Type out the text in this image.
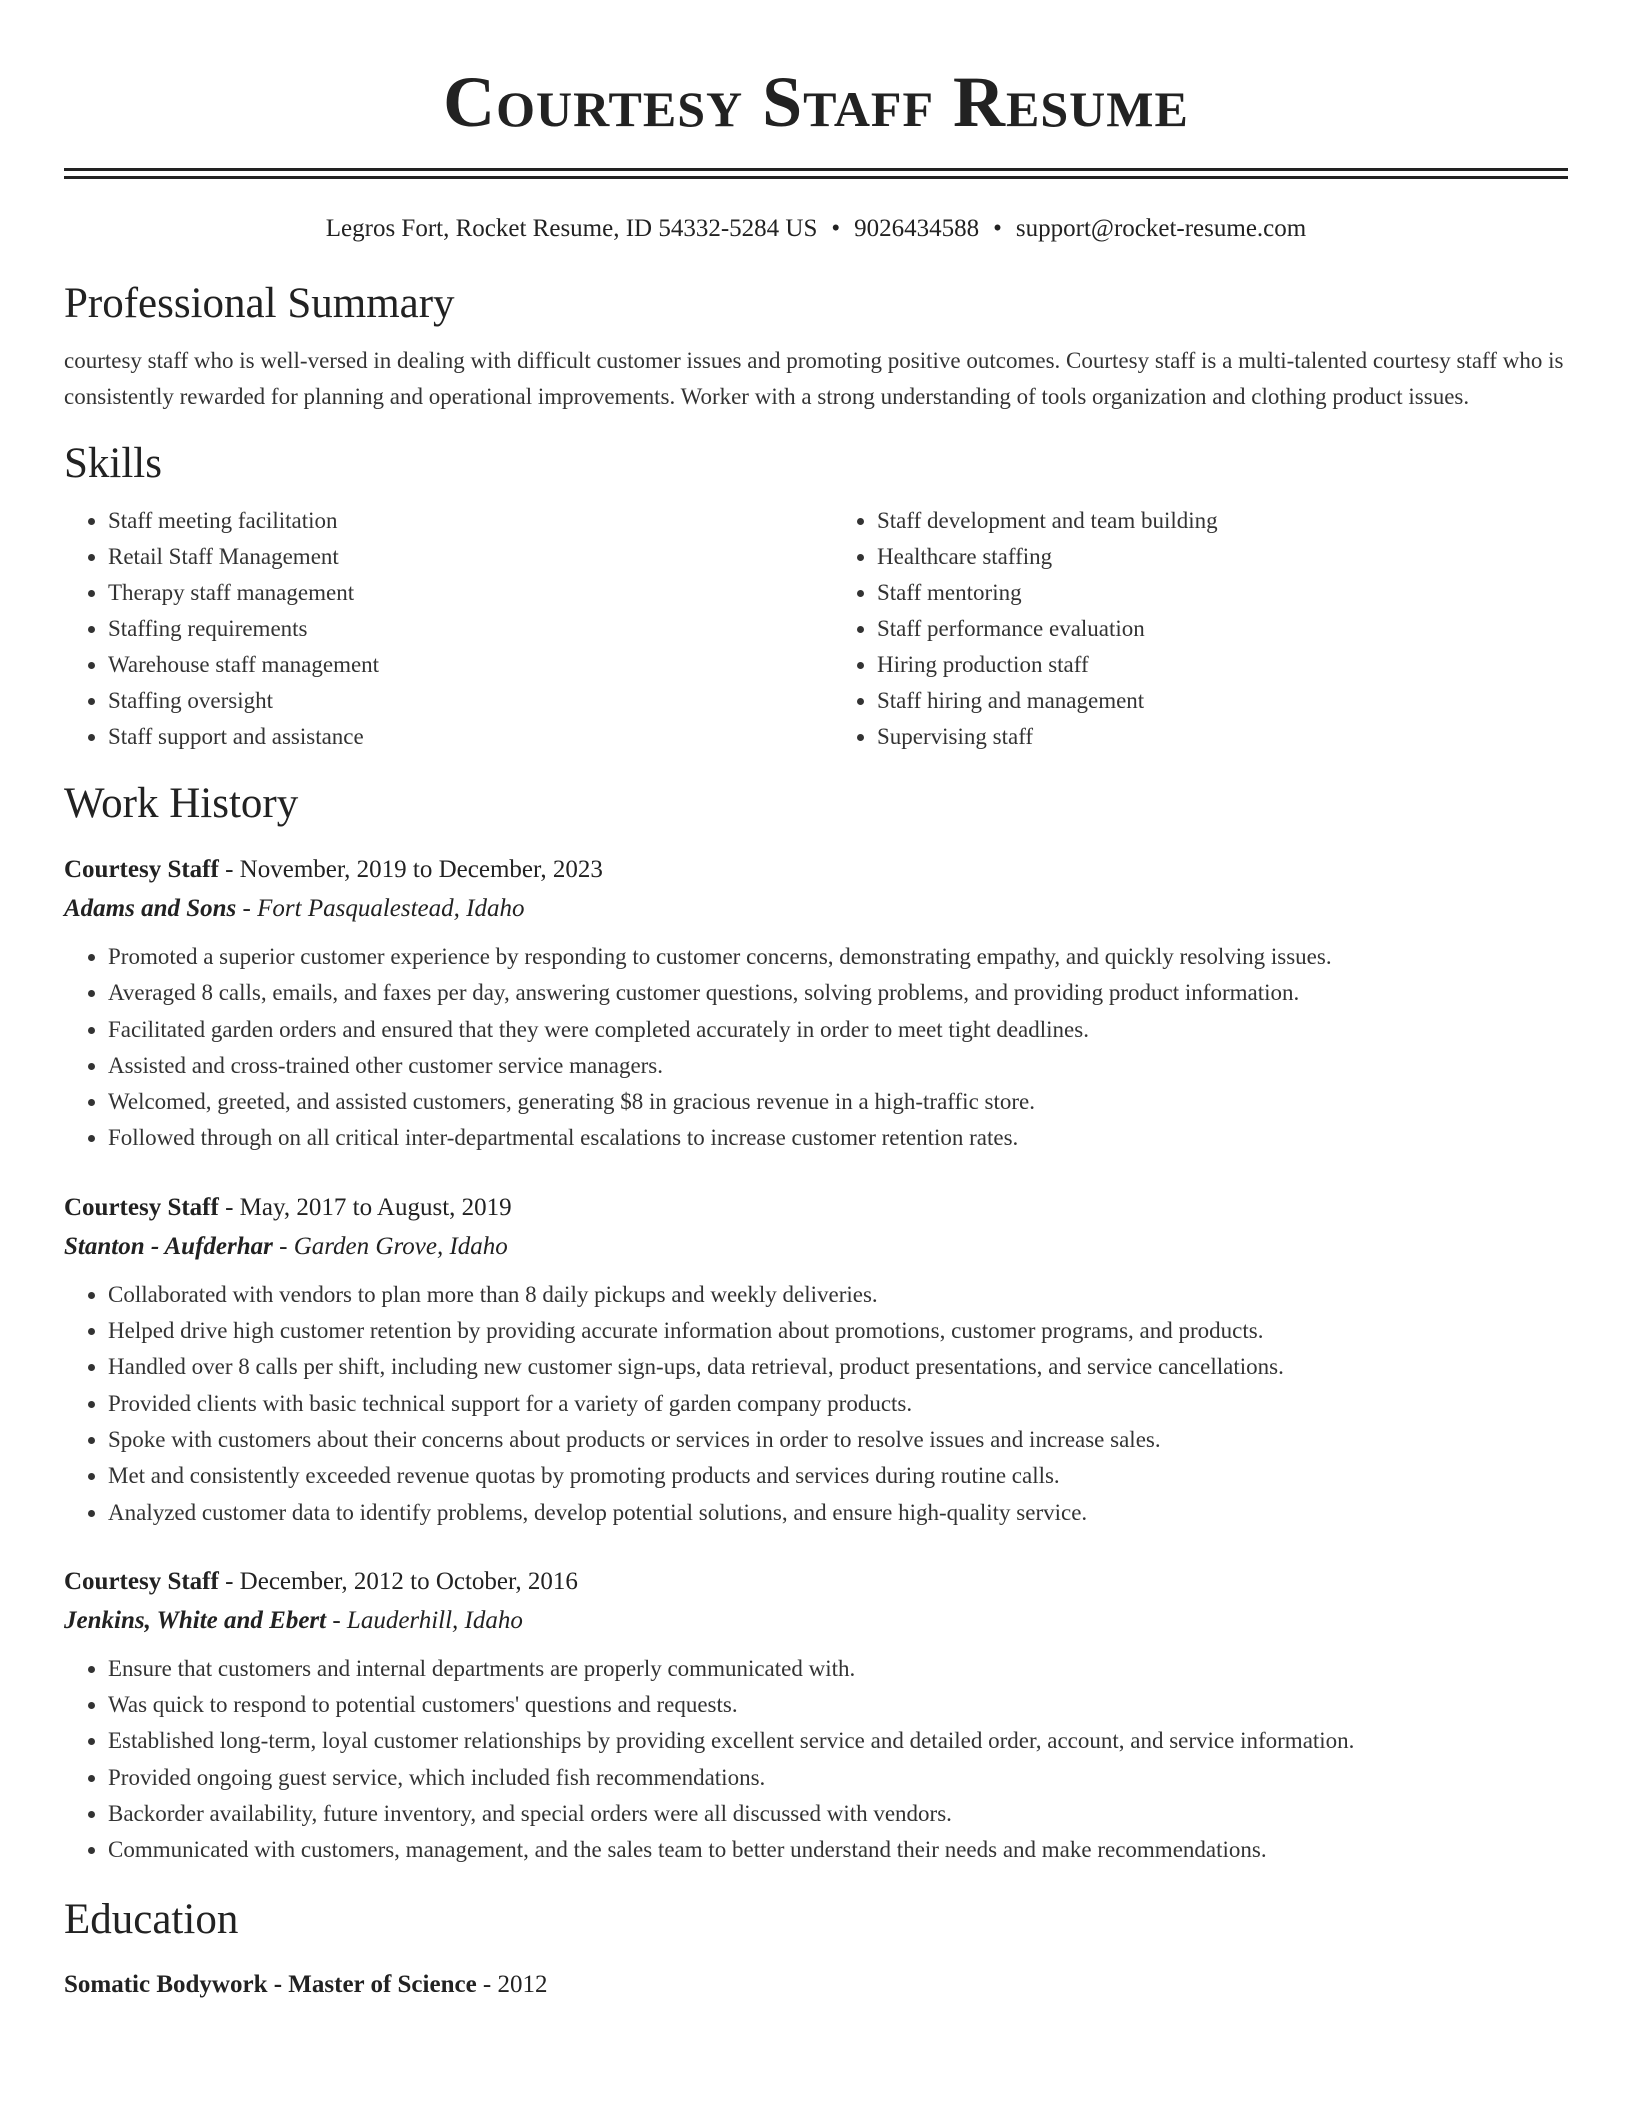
Courtesy Staff Resume
Legros Fort, Rocket Resume, ID 54332-5284 US • 9026434588 • support@rocket-resume.com
Professional Summary
courtesy staff who is well-versed in dealing with difficult customer issues and promoting positive outcomes. Courtesy staff is a multi-talented courtesy staff who is consistently rewarded for planning and operational improvements. Worker with a strong understanding of tools organization and clothing product issues.
Skills
• Staff meeting facilitation
• Retail Staff Management
• Therapy staff management
• Staffing requirements
• Warehouse staff management
• Staffing oversight
• Staff support and assistance
• Staff development and team building
• Healthcare staffing
• Staff mentoring
• Staff performance evaluation
• Hiring production staff
• Staff hiring and management
• Supervising staff
Work History
Courtesy Staff - November, 2019 to December, 2023
Adams and Sons - Fort Pasqualestead, Idaho
• Promoted a superior customer experience by responding to customer concerns, demonstrating empathy, and quickly resolving issues.
• Averaged 8 calls, emails, and faxes per day, answering customer questions, solving problems, and providing product information.
• Facilitated garden orders and ensured that they were completed accurately in order to meet tight deadlines.
• Assisted and cross-trained other customer service managers.
• Welcomed, greeted, and assisted customers, generating $8 in gracious revenue in a high-traffic store.
• Followed through on all critical inter-departmental escalations to increase customer retention rates.
Courtesy Staff - May, 2017 to August, 2019
Stanton - Aufderhar - Garden Grove, Idaho
• Collaborated with vendors to plan more than 8 daily pickups and weekly deliveries.
• Helped drive high customer retention by providing accurate information about promotions, customer programs, and products.
• Handled over 8 calls per shift, including new customer sign-ups, data retrieval, product presentations, and service cancellations.
• Provided clients with basic technical support for a variety of garden company products.
• Spoke with customers about their concerns about products or services in order to resolve issues and increase sales.
• Met and consistently exceeded revenue quotas by promoting products and services during routine calls.
• Analyzed customer data to identify problems, develop potential solutions, and ensure high-quality service.
Courtesy Staff - December, 2012 to October, 2016
Jenkins, White and Ebert - Lauderhill, Idaho
• Ensure that customers and internal departments are properly communicated with.
• Was quick to respond to potential customers' questions and requests.
• Established long-term, loyal customer relationships by providing excellent service and detailed order, account, and service information.
• Provided ongoing guest service, which included fish recommendations.
• Backorder availability, future inventory, and special orders were all discussed with vendors.
• Communicated with customers, management, and the sales team to better understand their needs and make recommendations.
Education
Somatic Bodywork - Master of Science - 2012
